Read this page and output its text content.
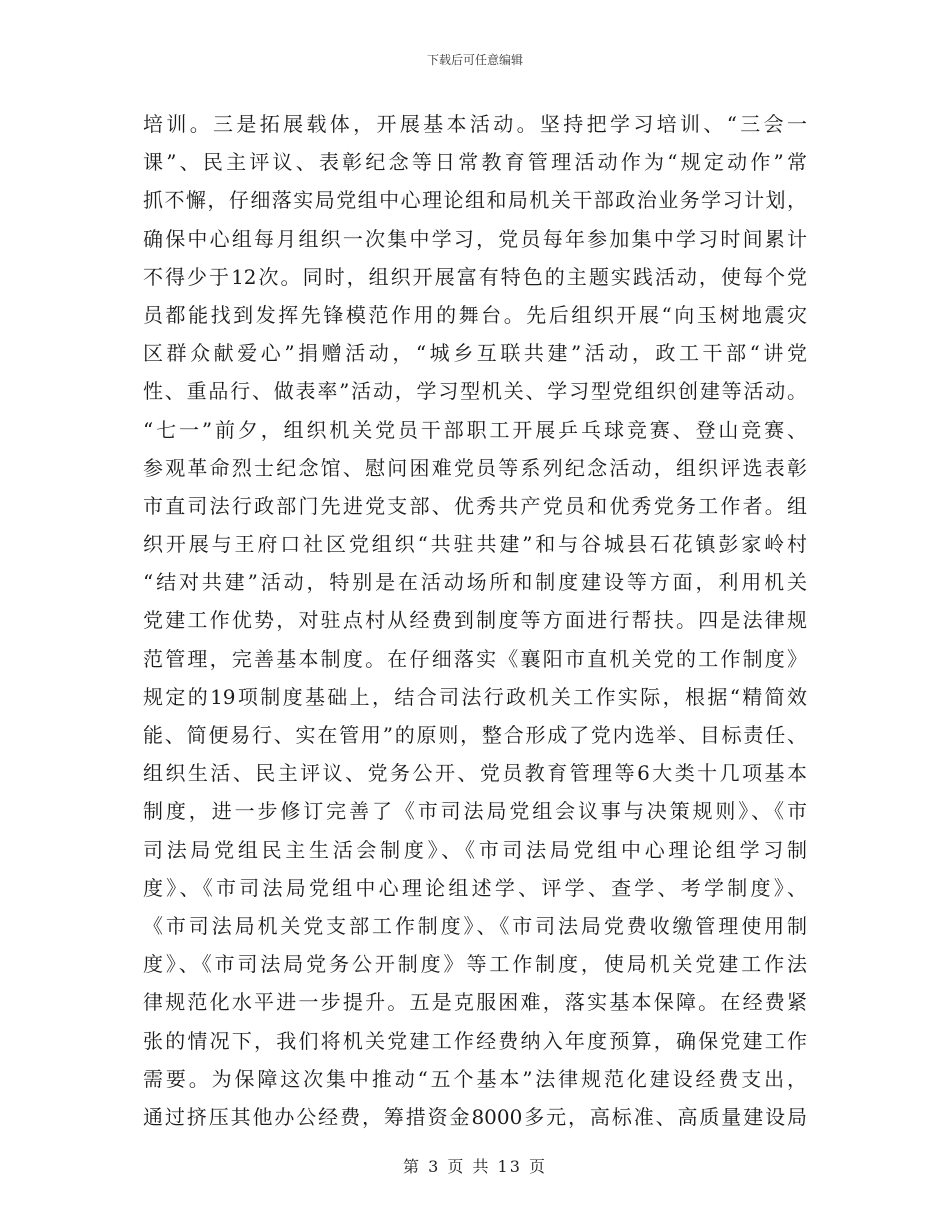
下载后可任意编辑
培训。三是拓展载体，开展基本活动。坚持把学习培训、“三会一
课”、民主评议、表彰纪念等日常教育管理活动作为“规定动作”常
抓不懈，仔细落实局党组中心理论组和局机关干部政治业务学习计划，
确保中心组每月组织一次集中学习，党员每年参加集中学习时间累计
不得少于12次。同时，组织开展富有特色的主题实践活动，使每个党
员都能找到发挥先锋模范作用的舞台。先后组织开展“向玉树地震灾
区群众献爱心”捐赠活动，“城乡互联共建”活动，政工干部“讲党
性、重品行、做表率”活动，学习型机关、学习型党组织创建等活动。
“七一”前夕，组织机关党员干部职工开展乒乓球竞赛、登山竞赛、
参观革命烈士纪念馆、慰问困难党员等系列纪念活动，组织评选表彰
市直司法行政部门先进党支部、优秀共产党员和优秀党务工作者。组
织开展与王府口社区党组织“共驻共建”和与谷城县石花镇彭家岭村
“结对共建”活动，特别是在活动场所和制度建设等方面，利用机关
党建工作优势，对驻点村从经费到制度等方面进行帮扶。四是法律规
范管理，完善基本制度。在仔细落实《襄阳市直机关党的工作制度》
规定的19项制度基础上，结合司法行政机关工作实际，根据“精简效
能、简便易行、实在管用”的原则，整合形成了党内选举、目标责任、
组织生活、民主评议、党务公开、党员教育管理等6大类十几项基本
制度，进一步修订完善了《市司法局党组会议事与决策规则》、《市
司法局党组民主生活会制度》、《市司法局党组中心理论组学习制
度》、《市司法局党组中心理论组述学、评学、查学、考学制度》、
《市司法局机关党支部工作制度》、《市司法局党费收缴管理使用制
度》、《市司法局党务公开制度》等工作制度，使局机关党建工作法
律规范化水平进一步提升。五是克服困难，落实基本保障。在经费紧
张的情况下，我们将机关党建工作经费纳入年度预算，确保党建工作
需要。为保障这次集中推动“五个基本”法律规范化建设经费支出，
通过挤压其他办公经费，筹措资金8000多元，高标准、高质量建设局
第 3 页 共 13 页
